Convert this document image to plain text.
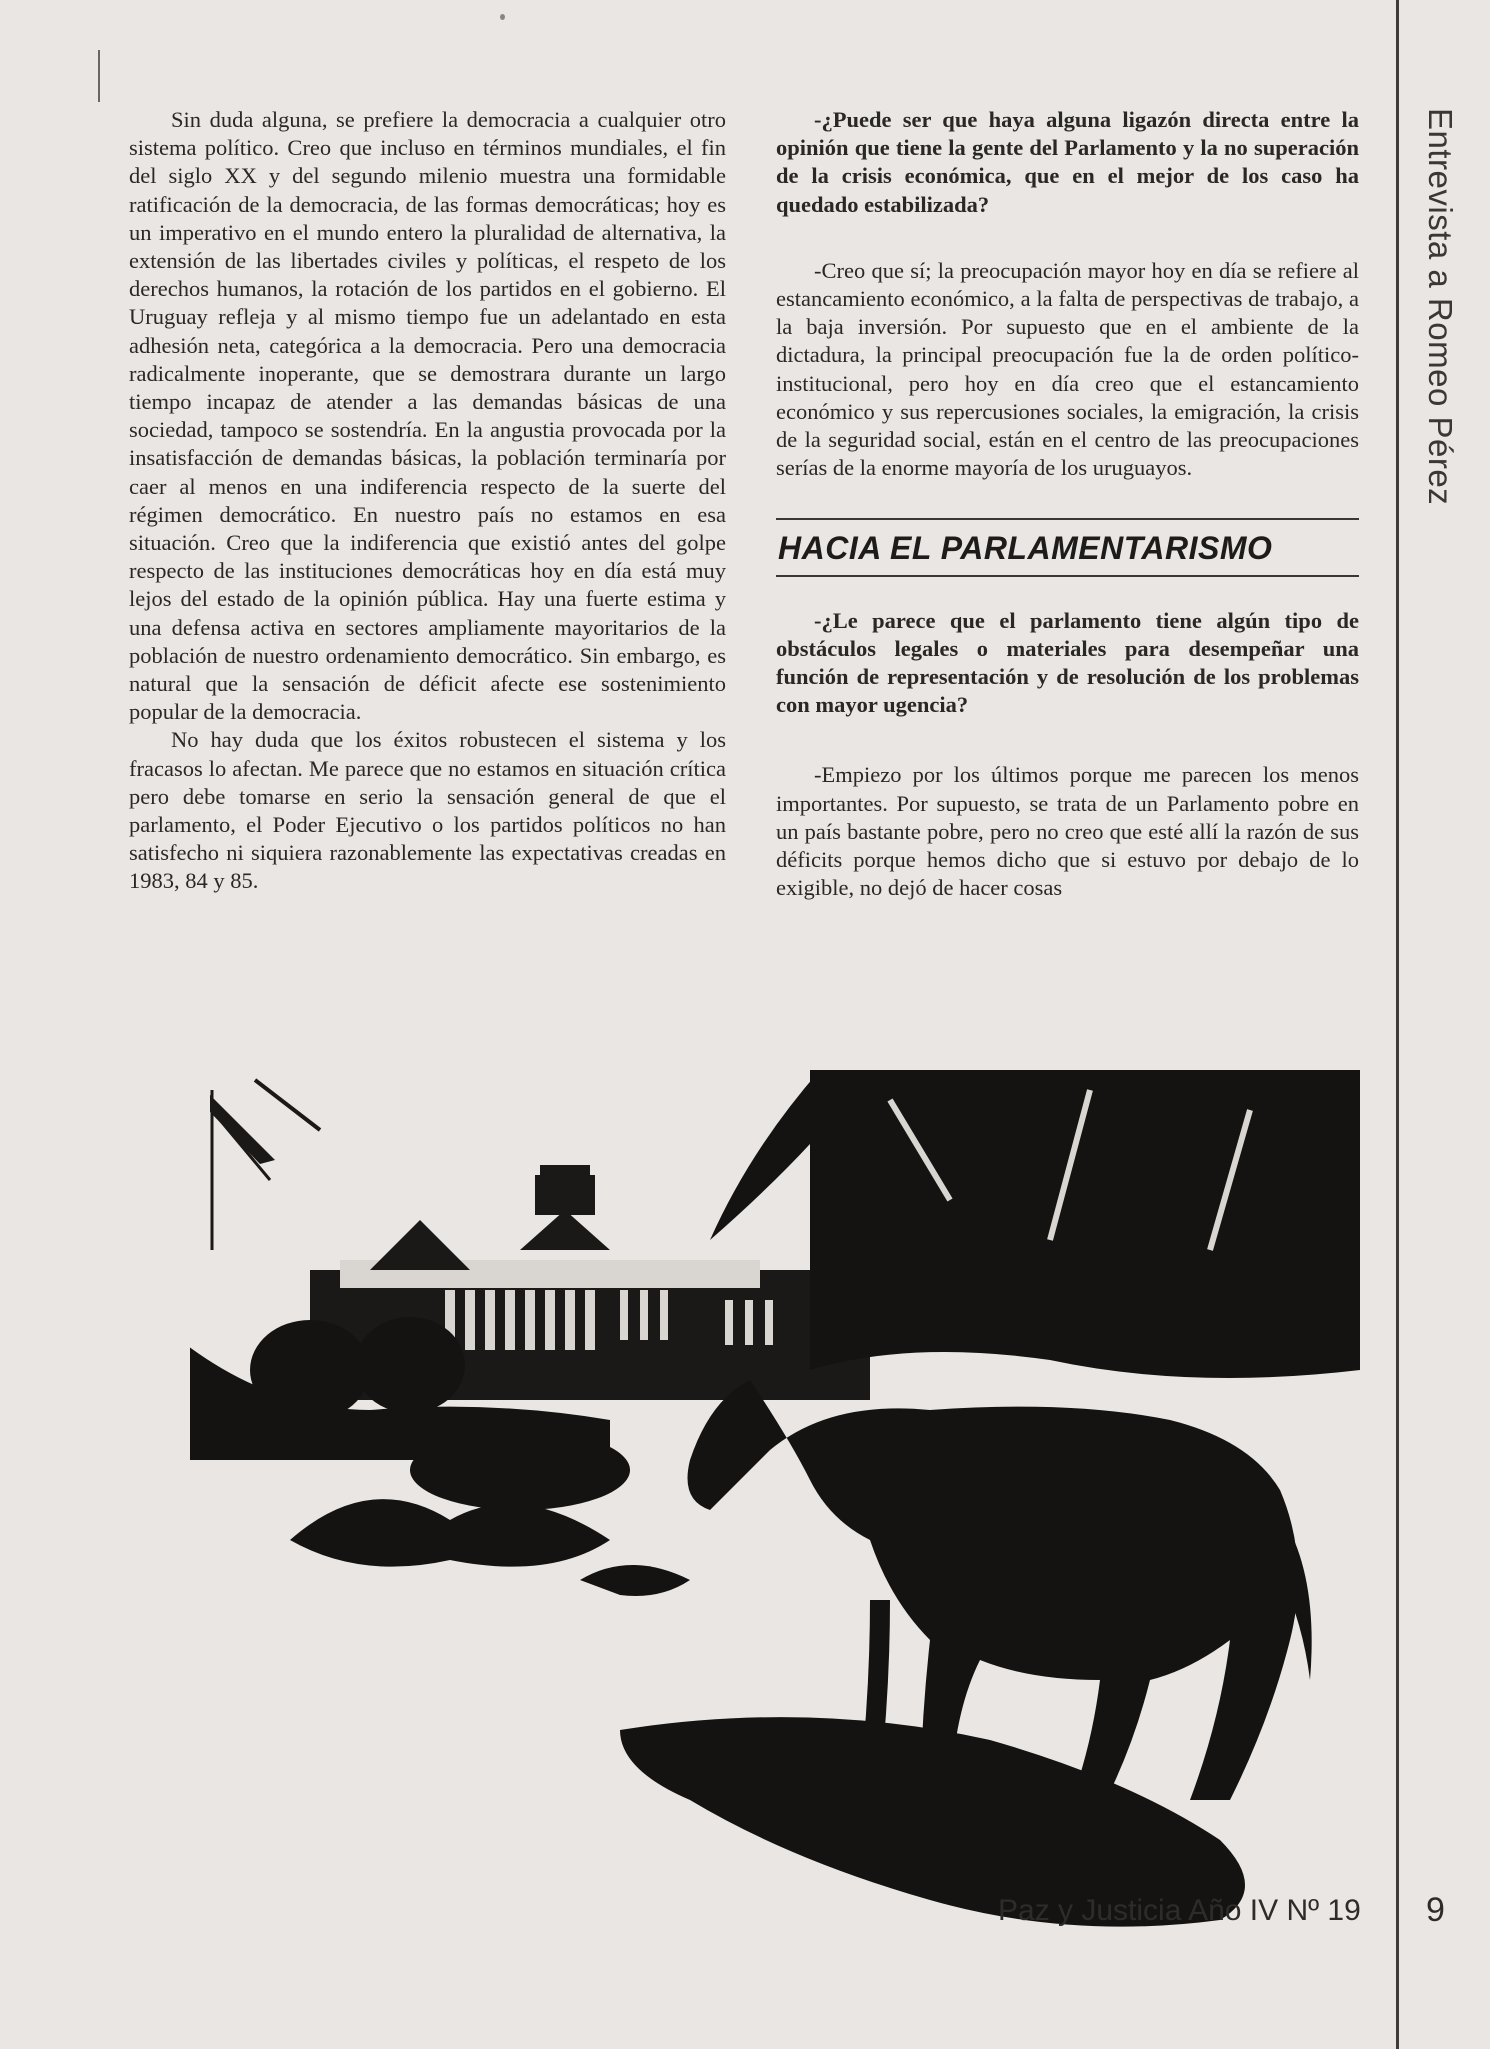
Sin duda alguna, se prefiere la democracia a cualquier otro sistema político. Creo que incluso en términos mundiales, el fin del siglo XX y del segundo milenio muestra una formidable ratificación de la democracia, de las formas democráticas; hoy es un imperativo en el mundo entero la pluralidad de alternativa, la extensión de las libertades civiles y políticas, el respeto de los derechos humanos, la rotación de los partidos en el gobierno. El Uruguay refleja y al mismo tiempo fue un adelantado en esta adhesión neta, categórica a la democracia. Pero una democracia radicalmente inoperante, que se demostrara durante un largo tiempo incapaz de atender a las demandas básicas de una sociedad, tampoco se sostendría. En la angustia provocada por la insatisfacción de demandas básicas, la población terminaría por caer al menos en una indiferencia respecto de la suerte del régimen democrático. En nuestro país no estamos en esa situación. Creo que la indiferencia que existió antes del golpe respecto de las instituciones democráticas hoy en día está muy lejos del estado de la opinión pública. Hay una fuerte estima y una defensa activa en sectores ampliamente mayoritarios de la población de nuestro ordenamiento democrático. Sin embargo, es natural que la sensación de déficit afecte ese sostenimiento popular de la democracia.

No hay duda que los éxitos robustecen el sistema y los fracasos lo afectan. Me parece que no estamos en situación crítica pero debe tomarse en serio la sensación general de que el parlamento, el Poder Ejecutivo o los partidos políticos no han satisfecho ni siquiera razonablemente las expectativas creadas en 1983, 84 y 85.

-¿Puede ser que haya alguna ligazón directa entre la opinión que tiene la gente del Parlamento y la no superación de la crisis económica, que en el mejor de los caso ha quedado estabilizada?

-Creo que sí; la preocupación mayor hoy en día se refiere al estancamiento económico, a la falta de perspectivas de trabajo, a la baja inversión. Por supuesto que en el ambiente de la dictadura, la principal preocupación fue la de orden político-institucional, pero hoy en día creo que el estancamiento económico y sus repercusiones sociales, la emigración, la crisis de la seguridad social, están en el centro de las preocupaciones serías de la enorme mayoría de los uruguayos.

HACIA EL PARLAMENTARISMO

-¿Le parece que el parlamento tiene algún tipo de obstáculos legales o materiales para desempeñar una función de representación y de resolución de los problemas con mayor ugencia?

-Empiezo por los últimos porque me parecen los menos importantes. Por supuesto, se trata de un Parlamento pobre en un país bastante pobre, pero no creo que esté allí la razón de sus déficits porque hemos dicho que si estuvo por debajo de lo exigible, no dejó de hacer cosas

Entrevista a Romeo Pérez
Paz y Justicia Año IV Nº 19 9
